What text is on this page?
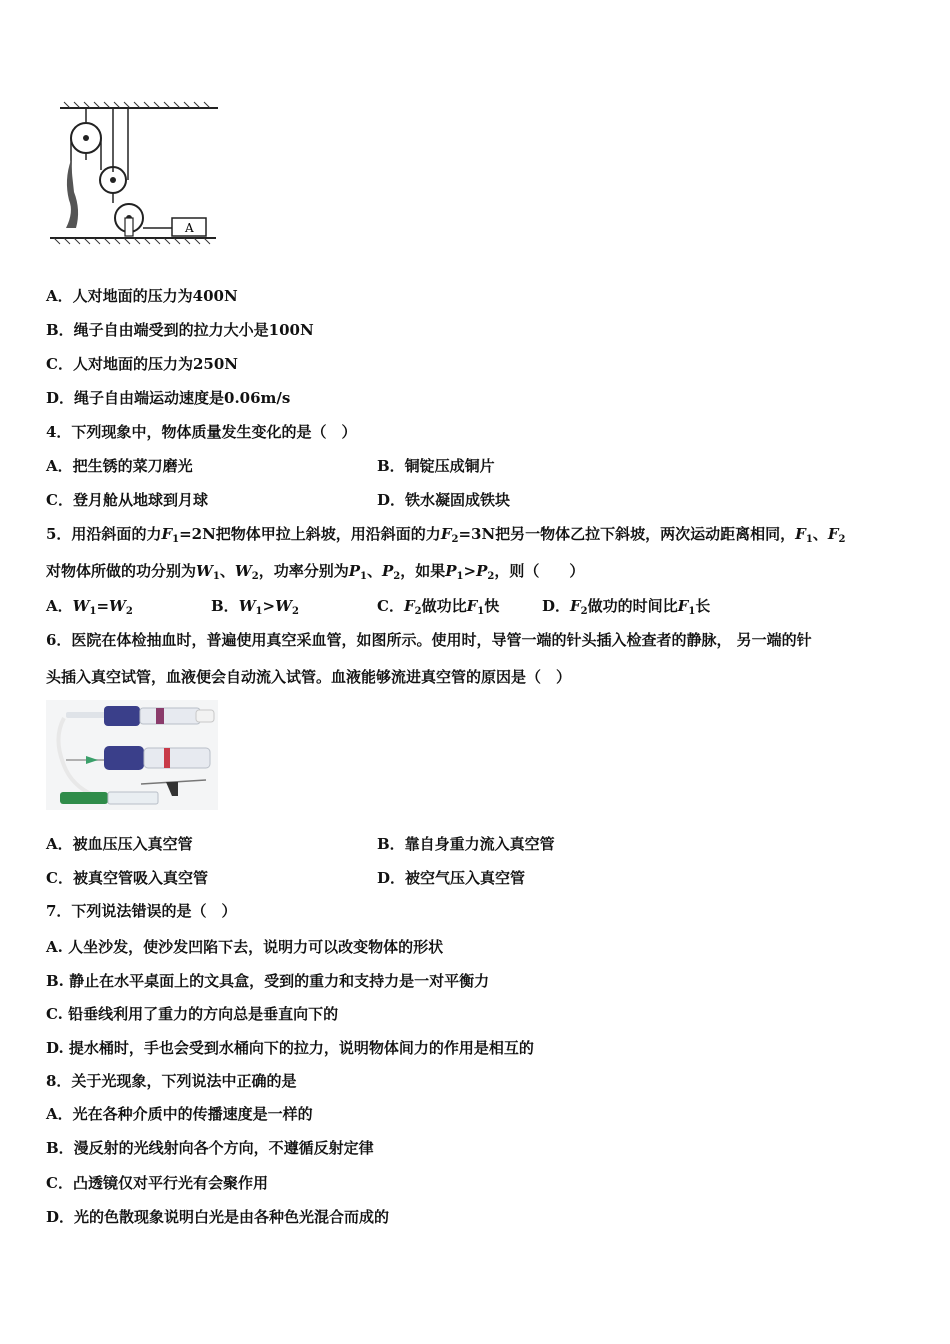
A
A．人对地面的压力为400N
B．绳子自由端受到的拉力大小是100N
C．人对地面的压力为250N
D．绳子自由端运动速度是0.06m/s
4．下列现象中，物体质量发生变化的是（　）
A．把生锈的菜刀磨光	B．铜锭压成铜片
C．登月舱从地球到月球	D．铁水凝固成铁块
5．用沿斜面的力$F_1=2N$把物体甲拉上斜坡，用沿斜面的力$F_2=3N$把另一物体乙拉下斜坡，两次运动距离相同，$F_1$、$F_2$
对物体所做的功分别为$W_1$、$W_2$，功率分别为$P_1$、$P_2$，如果$P_1>P_2$，则（　　）
A．$W_1=W_2$	B．$W_1>W_2$	C．$F_2$做功比$F_1$快	D．$F_2$做功的时间比$F_1$长
6．医院在体检抽血时，普遍使用真空采血管，如图所示。使用时，导管一端的针头插入检查者的静脉， 另一端的针
头插入真空试管，血液便会自动流入试管。血液能够流进真空管的原因是（　）
A．被血压压入真空管	B．靠自身重力流入真空管
C．被真空管吸入真空管	D．被空气压入真空管
7．下列说法错误的是（　）
A. 人坐沙发，使沙发凹陷下去，说明力可以改变物体的形状
B. 静止在水平桌面上的文具盒，受到的重力和支持力是一对平衡力
C. 铅垂线利用了重力的方向总是垂直向下的
D. 提水桶时，手也会受到水桶向下的拉力，说明物体间力的作用是相互的
8．关于光现象，下列说法中正确的是
A．光在各种介质中的传播速度是一样的
B．漫反射的光线射向各个方向，不遵循反射定律
C．凸透镜仅对平行光有会聚作用
D．光的色散现象说明白光是由各种色光混合而成的
